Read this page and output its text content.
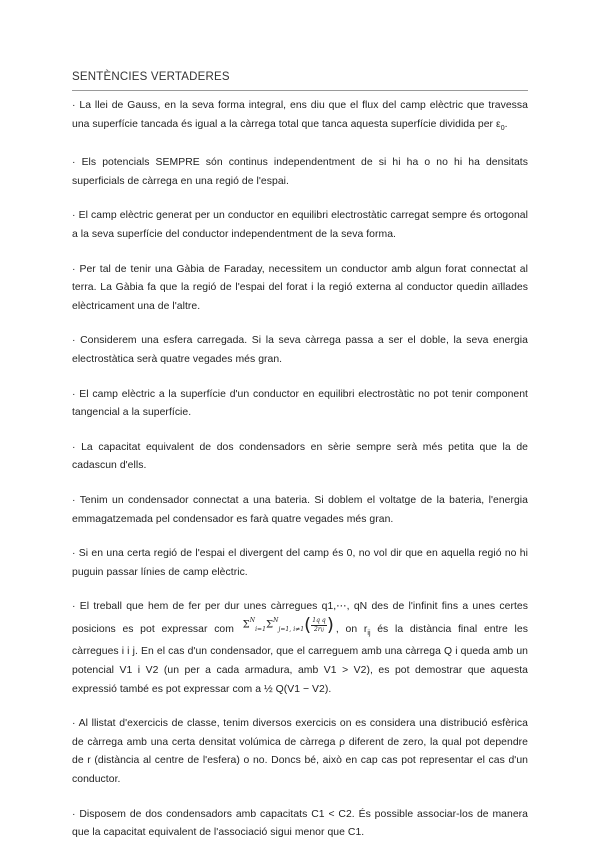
SENTÈNCIES VERTADERES

· La llei de Gauss, en la seva forma integral, ens diu que el flux del camp elèctric que travessa una superfície tancada és igual a la càrrega total que tanca aquesta superfície dividida per $\varepsilon_0$.

· Els potencials SEMPRE són continus independentment de si hi ha o no hi ha densitats superficials de càrrega en una regió de l'espai.

· El camp elèctric generat per un conductor en equilibri electrostàtic carregat sempre és ortogonal a la seva superfície del conductor independentment de la seva forma.

· Per tal de tenir una Gàbia de Faraday, necessitem un conductor amb algun forat connectat al terra. La Gàbia fa que la regió de l'espai del forat i la regió externa al conductor quedin aïllades elèctricament una de l'altre.

· Considerem una esfera carregada. Si la seva càrrega passa a ser el doble, la seva energia electrostàtica serà quatre vegades més gran.

· El camp elèctric a la superfície d'un conductor en equilibri electrostàtic no pot tenir component tangencial a la superfície.

· La capacitat equivalent de dos condensadors en sèrie sempre serà més petita que la de cadascun d'ells.

· Tenim un condensador connectat a una bateria. Si doblem el voltatge de la bateria, l'energia emmagatzemada pel condensador es farà quatre vegades més gran.

· Si en una certa regió de l'espai el divergent del camp és 0, no vol dir que en aquella regió no hi puguin passar línies de camp elèctric.

· El treball que hem de fer per dur unes càrregues q1,⋯, qN des de l'infinit fins a unes certes posicions es pot expressar com $\Sigma^N_{i=1}\Sigma^N_{j=1, i\ne 1}( \frac{\text{1q q}}{\text{2rij}}$ ) , on $r_{ij}$ és la distància final entre les càrregues i i j. En el cas d'un condensador, que el carreguem amb una càrrega Q i queda amb un potencial V1 i V2 (un per a cada armadura, amb V1 > V2), es pot demostrar que aquesta expressió també es pot expressar com a ½ Q(V1 − V2).

· Al llistat d'exercicis de classe, tenim diversos exercicis on es considera una distribució esfèrica de càrrega amb una certa densitat volúmica de càrrega ρ diferent de zero, la qual pot dependre de r (distància al centre de l'esfera) o no. Doncs bé, això en cap cas pot representar el cas d'un conductor.

· Disposem de dos condensadors amb capacitats C1 < C2. És possible associar-los de manera que la capacitat equivalent de l'associació sigui menor que C1.
